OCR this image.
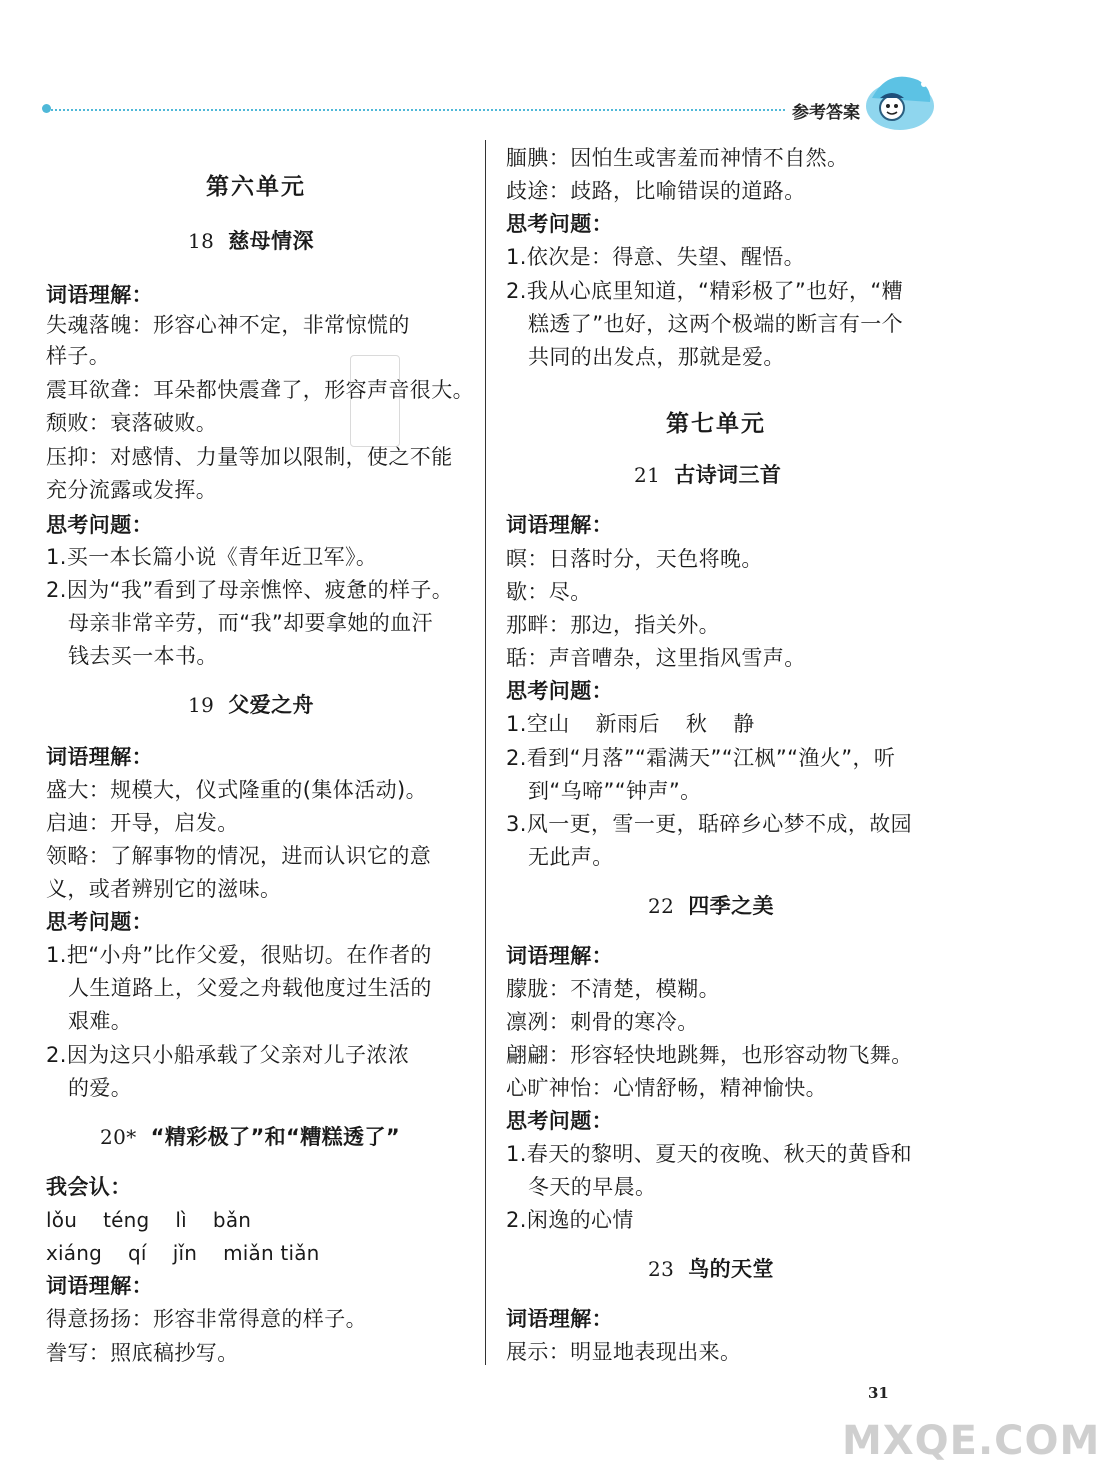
参考答案
第六单元
18 慈母情深
词语理解：
失魂落魄：形容心神不定，非常惊慌的
样子。
震耳欲聋：耳朵都快震聋了，形容声音很大。
颓败：衰落破败。
压抑：对感情、力量等加以限制，使之不能
充分流露或发挥。
思考问题：
1.买一本长篇小说《青年近卫军》。
2.因为“我”看到了母亲憔悴、疲惫的样子。
母亲非常辛劳，而“我”却要拿她的血汗
钱去买一本书。
19 父爱之舟
词语理解：
盛大：规模大，仪式隆重的(集体活动)。
启迪：开导，启发。
领略：了解事物的情况，进而认识它的意
义，或者辨别它的滋味。
思考问题：
1.把“小舟”比作父爱，很贴切。在作者的
人生道路上，父爱之舟载他度过生活的
艰难。
2.因为这只小船承载了父亲对儿子浓浓
的爱。
20* “精彩极了”和“糟糕透了”
我会认：
lǒu téng lì bǎn
xiáng qí jǐn miǎn tiǎn
词语理解：
得意扬扬：形容非常得意的样子。
誊写：照底稿抄写。
腼腆：因怕生或害羞而神情不自然。
歧途：歧路，比喻错误的道路。
思考问题：
1.依次是：得意、失望、醒悟。
2.我从心底里知道，“精彩极了”也好，“糟
糕透了”也好，这两个极端的断言有一个
共同的出发点，那就是爱。
第七单元
21 古诗词三首
词语理解：
暝：日落时分，天色将晚。
歇：尽。
那畔：那边，指关外。
聒：声音嘈杂，这里指风雪声。
思考问题：
1.空山 新雨后 秋 静
2.看到“月落”“霜满天”“江枫”“渔火”，听
到“乌啼”“钟声”。
3.风一更，雪一更，聒碎乡心梦不成，故园
无此声。
22 四季之美
词语理解：
朦胧：不清楚，模糊。
凛冽：刺骨的寒冷。
翩翩：形容轻快地跳舞，也形容动物飞舞。
心旷神怡：心情舒畅，精神愉快。
思考问题：
1.春天的黎明、夏天的夜晚、秋天的黄昏和
冬天的早晨。
2.闲逸的心情
23 鸟的天堂
词语理解：
展示：明显地表现出来。
31
MXQE.COM
